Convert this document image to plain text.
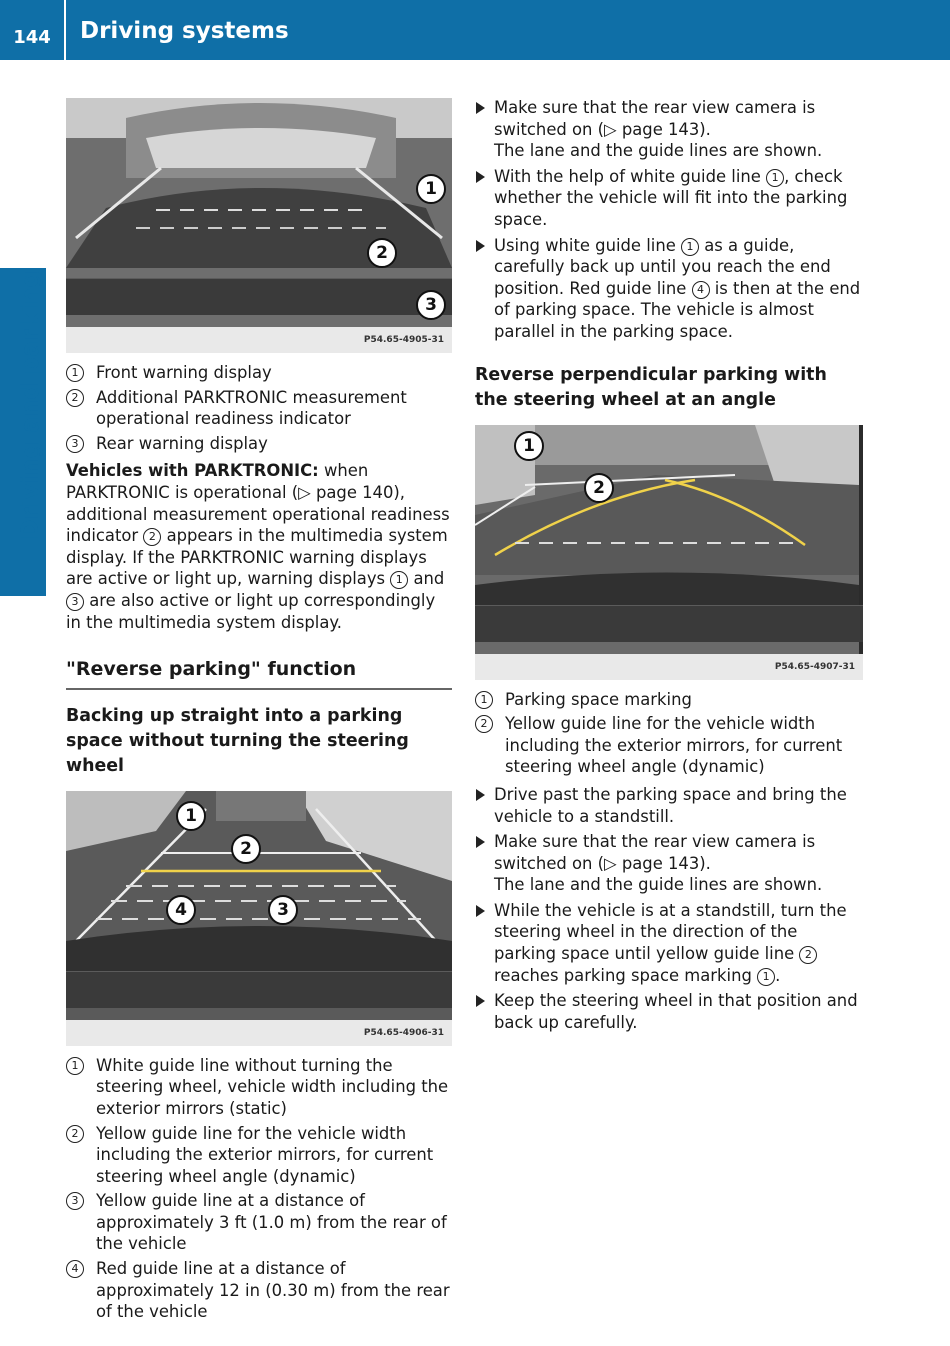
144	Driving systems
Driving and parking
1
2
3
P54.65-4905-31
1	Front warning display
2	Additional PARKTRONIC measurement operational readiness indicator
3	Rear warning display

Vehicles with PARKTRONIC: when PARKTRONIC is operational (▷ page 140), additional measurement operational readiness indicator 2 appears in the multimedia system display. If the PARKTRONIC warning displays are active or light up, warning displays 1 and 3 are also active or light up correspondingly in the multimedia system display.

"Reverse parking" function
Backing up straight into a parking space without turning the steering wheel
1
2
3
4
P54.65-4906-31
1	White guide line without turning the steering wheel, vehicle width including the exterior mirrors (static)
2	Yellow guide line for the vehicle width including the exterior mirrors, for current steering wheel angle (dynamic)
3	Yellow guide line at a distance of approximately 3 ft (1.0 m) from the rear of the vehicle
4	Red guide line at a distance of approximately 12 in (0.30 m) from the rear of the vehicle
Make sure that the rear view camera is switched on (▷ page 143).
The lane and the guide lines are shown.
With the help of white guide line 1 , check whether the vehicle will fit into the parking space.
Using white guide line 1 as a guide, carefully back up until you reach the end position. Red guide line 4 is then at the end of parking space. The vehicle is almost parallel in the parking space.
Reverse perpendicular parking with the steering wheel at an angle
1
2
P54.65-4907-31
1	Parking space marking
2	Yellow guide line for the vehicle width including the exterior mirrors, for current steering wheel angle (dynamic)
Drive past the parking space and bring the vehicle to a standstill.
Make sure that the rear view camera is switched on (▷ page 143).
The lane and the guide lines are shown.
While the vehicle is at a standstill, turn the steering wheel in the direction of the parking space until yellow guide line 2 reaches parking space marking 1 .
Keep the steering wheel in that position and back up carefully.
